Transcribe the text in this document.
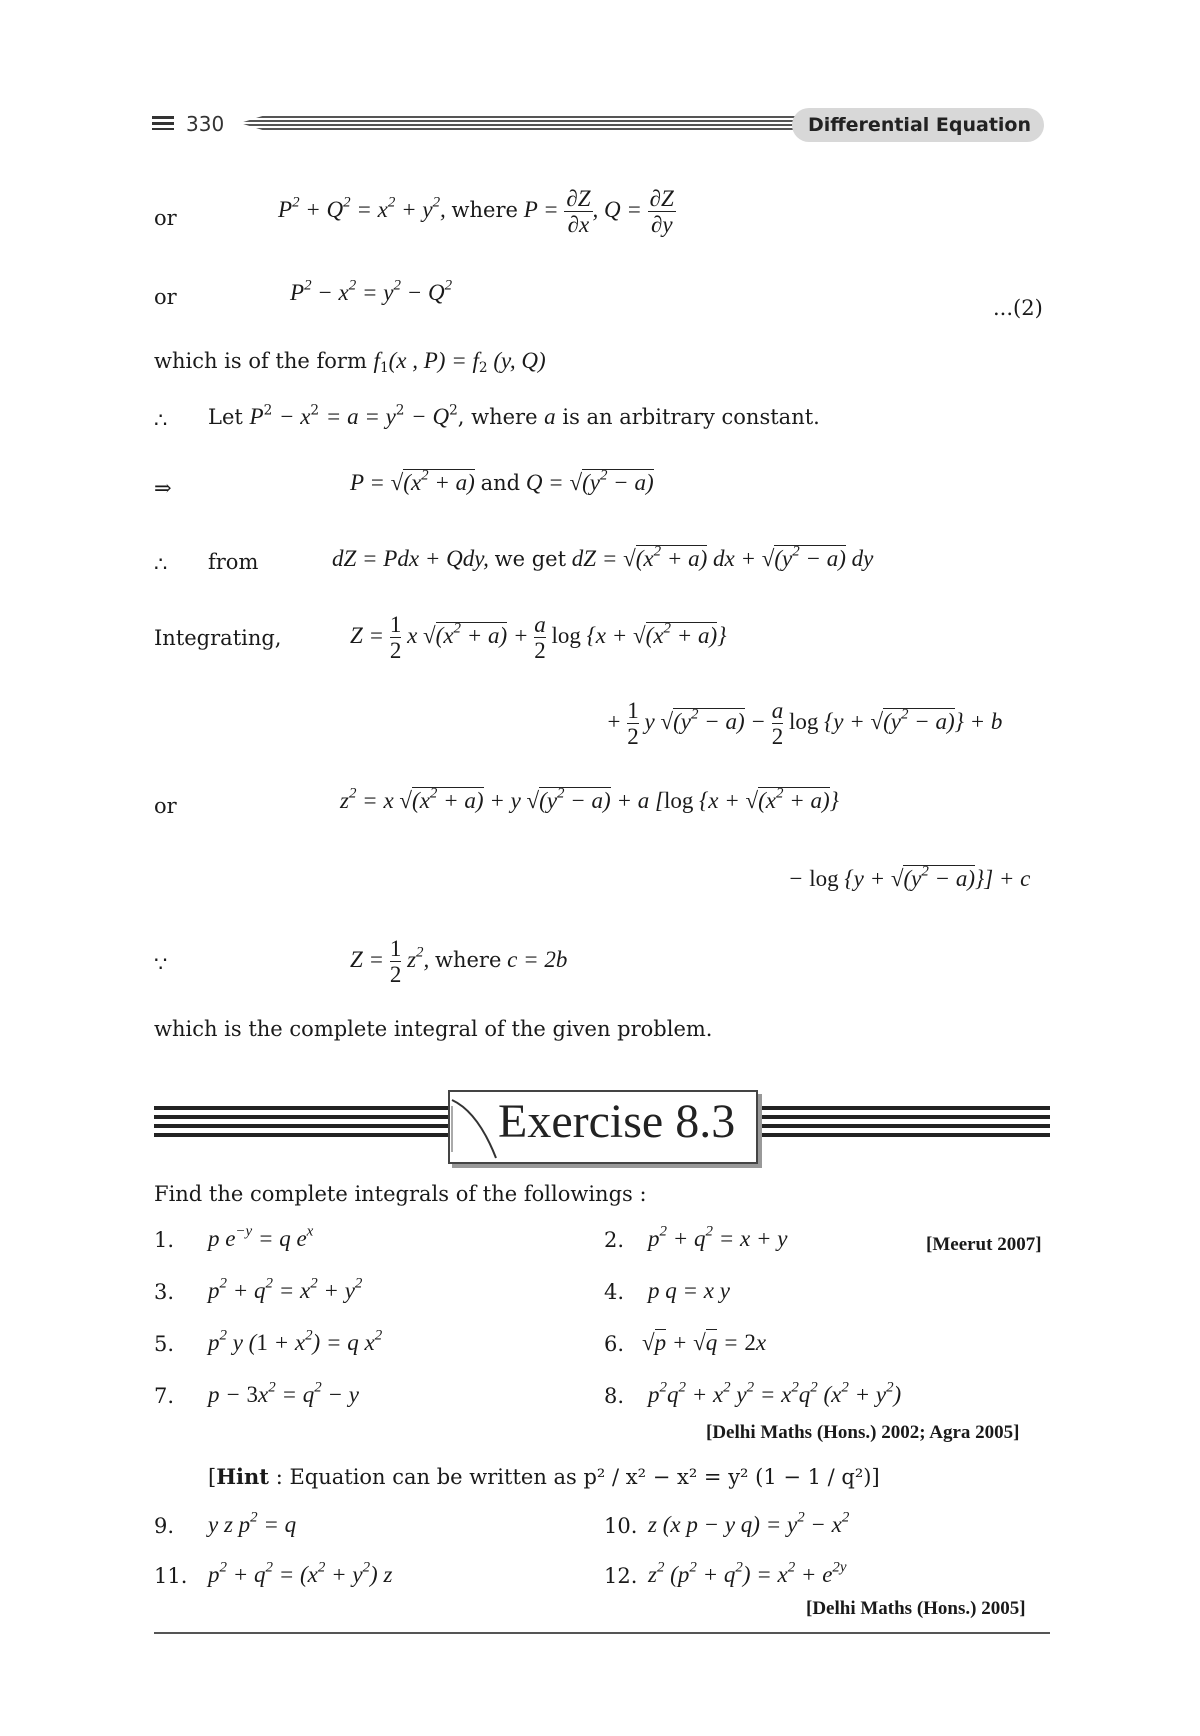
330	Differential Equation
or	$P^2 + Q^2 = x^2 + y^2$, where $P = \frac{\partial Z}{\partial x}$ , $Q = \frac{\partial Z}{\partial y}$
or	$P^2 - x^2 = y^2 - Q^2$
...(2)
which is of the form $f_1(x$ , $P) = f_2$ (y, Q)
∴ Let $P^2 - x^2 = a = y^2 - Q^2$, where a is an arbitrary constant.
⇒	$P = √(x^2 + a)$ and $Q = √(y^2 - a)$
∴ from	dZ = Pdx + Qdy, we get dZ = $√(x^2 + a)$ dx + $√(y^2 - a)$ dy
Integrating,	$Z = \frac{1}{2}$ x $√(x^2 + a) + \frac{a}{2}$ $\log \{x + √(x^2 + a)\}$
+ $\frac{1}{2}$ y $√(y^2 - a) - \frac{a}{2}$ $\log \{y + √(y^2 - a)\} + b$
or	$z^2 = x$ $√(x^2 + a) + y$ $√(y^2 - a) + a$ [log $\{x + √(x^2 + a)\}$
− $\log \{y + √(y^2 - a)\}] + c$
∵	$Z = \frac{1}{2} z^2$, where c = 2b
which is the complete integral of the given problem.
Exercise 8.3
Find the complete integrals of the followings :
1. p $e^{-y} = q$ $e^x$
3. $p^2 + q^2 = x^2 + y^2$
5. $p^2$ y $(1 + x^2) = q$ $x^2$
7. $p - 3x^2 = q^2 - y$
9. y z $p^2 = q$
11. $p^2 + q^2 = (x^2 + y^2)$ z
2. $p^2 + q^2 = x + y$	[Meerut 2007]
4. p q = x y
6. √p + √q = 2x
8. $p^2q^2 + x^2$ $y^2 = x^2q^2$ $(x^2 + y^2)$
[Delhi Maths (Hons.) 2002; Agra 2005]
[Hint : Equation can be written as p² / x² − x² = y² (1 − 1 / q²)]
10. z (x p − y $q) = y^2 - x^2$
12. $z^2$ $(p^2 + q^2) = x^2 + e^{2y}$
[Delhi Maths (Hons.) 2005]
